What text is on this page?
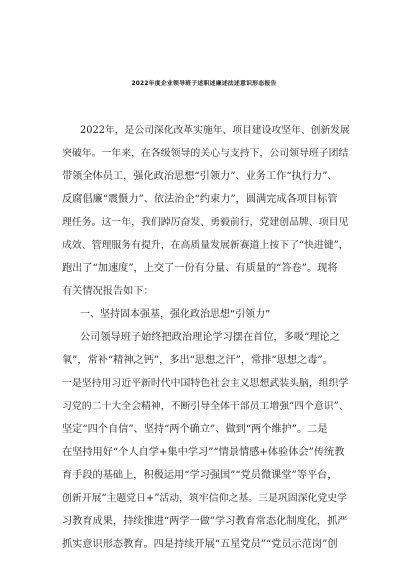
2022年度企业领导班子述职述廉述法述意识形态报告
2022年，是公司深化改革实施年、项目建设攻坚年、创新发展
突破年。一年来，在各级领导的关心与支持下，公司领导班子团结
带领全体员工，强化政治思想“引领力”、业务工作“执行力”、
反腐倡廉“震慑力”、依法治企“约束力”，圆满完成各项目标管
理任务。这一年，我们踔厉奋发、勇毅前行，党建创品牌、项目见
成效、管理服务有提升，在高质量发展新赛道上按下了“快进键”，
跑出了“加速度”，上交了一份有分量、有质量的“答卷”。现将
有关情况报告如下：
一、坚持固本强基，强化政治思想“引领力”
公司领导班子始终把政治理论学习摆在首位，多吸“理论之
氧”，常补“精神之钙”，多出“思想之汗”，常排“思想之毒”。
一是坚持用习近平新时代中国特色社会主义思想武装头脑，组织学
习党的二十大全会精神，不断引导全体干部员工增强“四个意识”、
坚定“四个自信”、坚持“两个确立”、做到“两个维护”。二是
在坚持用好“个人自学+集中学习”“情景情感+体验体会”传统教
育手段的基础上，积极运用“学习强国”“党员微课堂”等平台，
创新开展“主题党日+”活动，筑牢信仰之基。三是巩固深化党史学
习教育成果，持续推进“两学一做”学习教育常态化制度化，抓严
抓实意识形态教育。四是持续开展“五星党员”“党员示范岗”创
